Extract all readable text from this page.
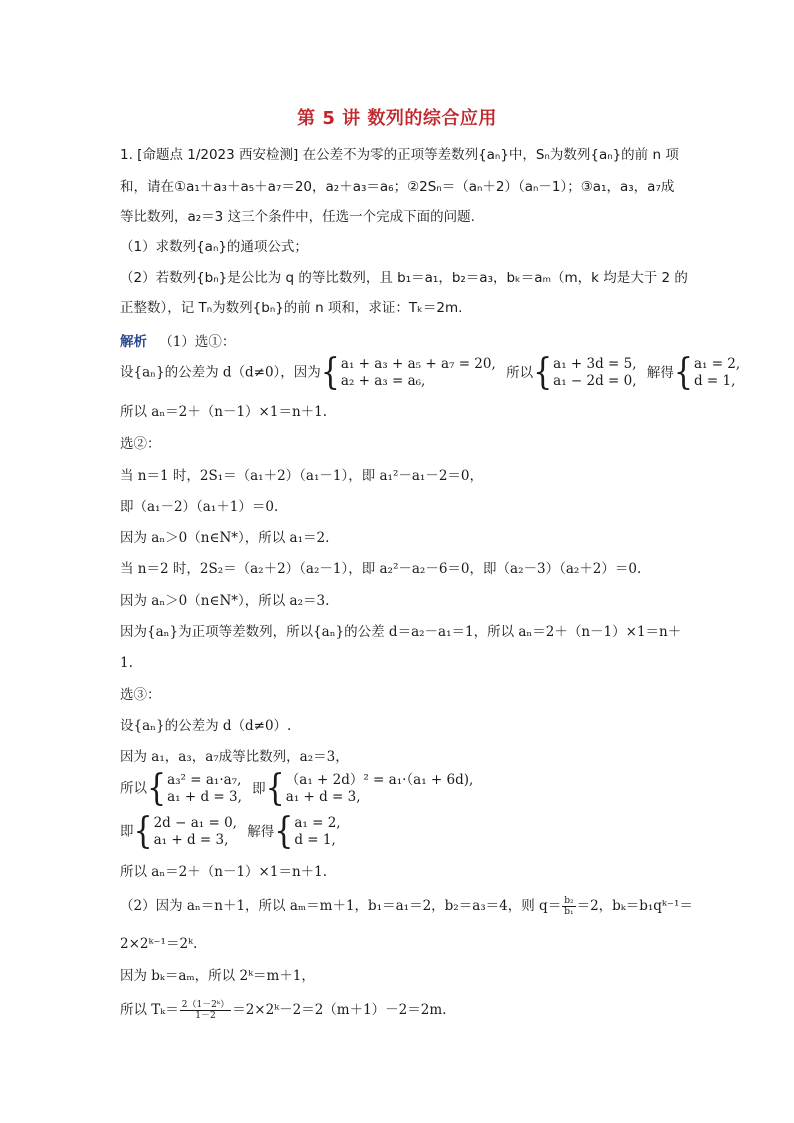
第 5 讲 数列的综合应用
1. [命题点 1/2023 西安检测] 在公差不为零的正项等差数列{aₙ}中，Sₙ为数列{aₙ}的前 n 项
和，请在①a₁＋a₃＋a₅＋a₇＝20，a₂＋a₃＝a₆；②2Sₙ＝（aₙ＋2）（aₙ－1）；③a₁，a₃，a₇成
等比数列，a₂＝3 这三个条件中，任选一个完成下面的问题.
（1）求数列{aₙ}的通项公式；
（2）若数列{bₙ}是公比为 q 的等比数列，且 b₁＝a₁，b₂＝a₃，bₖ＝aₘ（m，k 均是大于 2 的
正整数），记 Tₙ为数列{bₙ}的前 n 项和，求证：Tₖ＝2m.
解析 （1）选①：
设{aₙ}的公差为 d（d≠0），因为{ a₁ + a₃ + a₅ + a₇ = 20,
a₂ + a₃ = a₆,
所以{ a₁ + 3d = 5,
a₁ − 2d = 0,
解得{ a₁ = 2,
d = 1,
所以 aₙ＝2＋（n－1）×1＝n＋1.
选②：
当 n＝1 时，2S₁＝（a₁＋2）（a₁－1），即 a₁²－a₁－2＝0，
即（a₁－2）（a₁＋1）＝0.
因为 aₙ＞0（n∈N*），所以 a₁＝2.
当 n＝2 时，2S₂＝（a₂＋2）（a₂－1），即 a₂²－a₂－6＝0，即（a₂－3）（a₂＋2）＝0.
因为 aₙ＞0（n∈N*），所以 a₂＝3.
因为{aₙ}为正项等差数列，所以{aₙ}的公差 d＝a₂－a₁＝1，所以 aₙ＝2＋（n－1）×1＝n＋
1.
选③：
设{aₙ}的公差为 d（d≠0）.
因为 a₁，a₃，a₇成等比数列，a₂＝3，
所以{ a₃² = a₁·a₇,
a₁ + d = 3,
即{ （a₁ + 2d）² = a₁·（a₁ + 6d),
a₁ + d = 3,
即{ 2d − a₁ = 0,
a₁ + d = 3,
解得{ a₁ = 2,
d = 1,
所以 aₙ＝2＋（n－1）×1＝n＋1.
（2）因为 aₙ＝n＋1，所以 aₘ＝m＋1，b₁＝a₁＝2，b₂＝a₃＝4，则 $q= \frac{\text{b₂}}{\text{b₁}} =2$，bₖ＝b₁qᵏ⁻¹＝
2×2ᵏ⁻¹＝2ᵏ.
因为 bₖ＝aₘ，所以 2ᵏ＝m＋1，
所以 $T_k= \frac{\text{2（1－2ᵏ）}}{1-2}$ ＝2×2ᵏ－2＝2（m＋1）－2＝2m.
